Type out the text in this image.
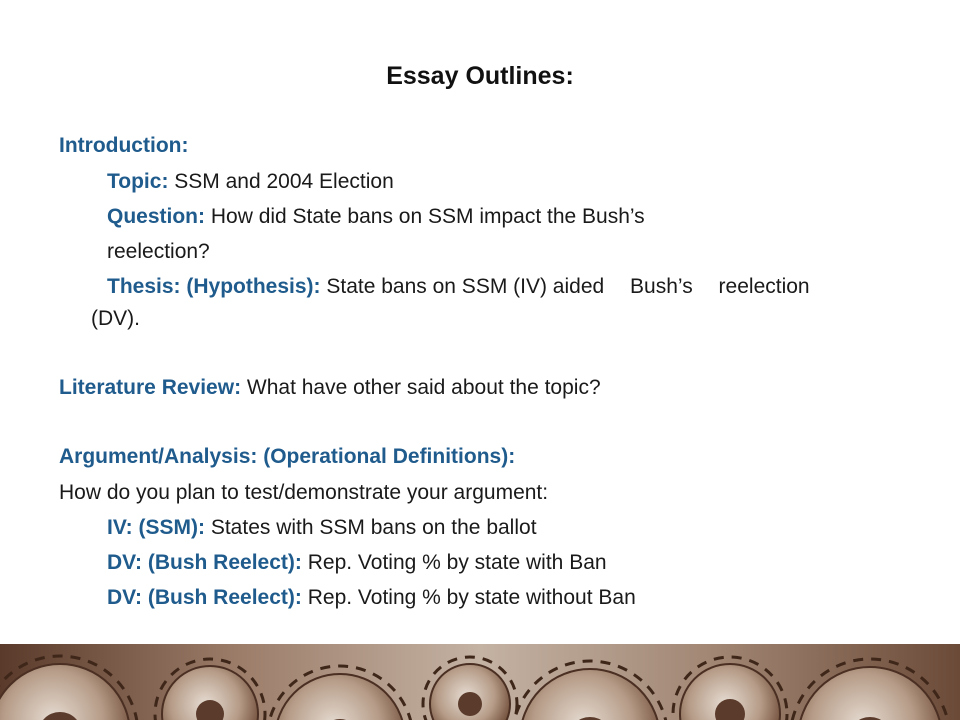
Essay Outlines:
Introduction:
Topic: SSM and 2004 Election
Question: How did State bans on SSM impact the Bush’s
reelection?
Thesis: (Hypothesis): State bans on SSM (IV) aided Bush’s reelection
(DV).
Literature Review: What have other said about the topic?
Argument/Analysis: (Operational Definitions):
How do you plan to test/demonstrate your argument:
IV: (SSM): States with SSM bans on the ballot
DV: (Bush Reelect): Rep. Voting % by state with Ban
DV: (Bush Reelect): Rep. Voting % by state without Ban
